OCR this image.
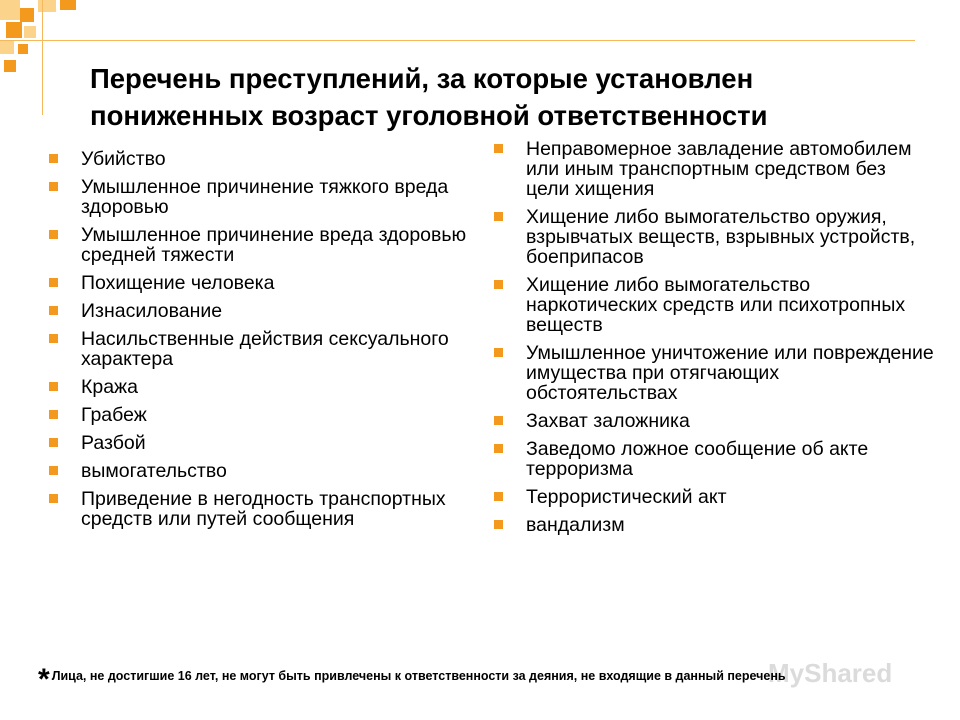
Перечень преступлений, за которые установлен пониженных возраст уголовной ответственности
Убийство
Умышленное причинение тяжкого вреда здоровью
Умышленное причинение вреда здоровью средней тяжести
Похищение человека
Изнасилование
Насильственные действия сексуального характера
Кража
Грабеж
Разбой
вымогательство
Приведение в негодность транспортных средств или путей сообщения
Неправомерное завладение автомобилем или иным транспортным средством без цели хищения
Хищение либо вымогательство оружия, взрывчатых веществ, взрывных устройств, боеприпасов
Хищение либо вымогательство наркотических средств или психотропных веществ
Умышленное уничтожение или повреждение имущества при отягчающих обстоятельствах
Захват заложника
Заведомо ложное сообщение об акте терроризма
Террористический акт
вандализм
MyShared
* Лица, не достигшие 16 лет, не могут быть привлечены к ответственности за деяния, не входящие в данный перечень
